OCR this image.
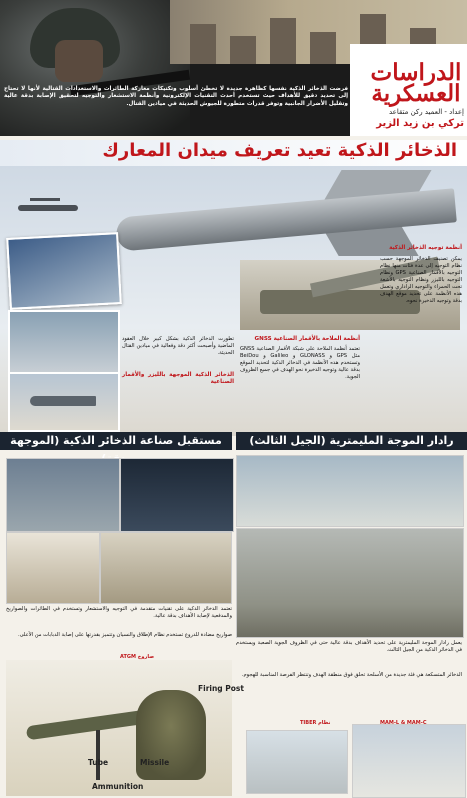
الدراسات العسكرية
إعداد - العميد ركن متقاعد
تركي بن زيد الزير
فرضت الذخائر الذكية نفسها كظاهرة جديدة لا تخطئ أسلوب وتكتيكات معاركة الطائرات والاستعدادات القتالية لأنها لا تحتاج إلى تحديد دقيق للأهداف حيث تستخدم أحدث التقنيات الإلكترونية وأنظمة الاستشعار والتوجيه لتحقيق الإصابة بدقة عالية وتقليل الأضرار الجانبية وتوفر قدرات متطورة للجيوش الحديثة في ميادين القتال.
الذخائر الذكية تعيد تعريف ميدان المعارك
أنظمة توجيه الذخائر الذكية
يمكن تصنيف الذخائر الموجهة حسب نظام التوجيه إلى عدة فئات منها نظام التوجيه بالأقمار الصناعية GPS ونظام التوجيه بالليزر ونظام التوجيه بالأشعة تحت الحمراء والتوجيه الراداري وتعمل هذه الأنظمة على تحديد موقع الهدف بدقة وتوجيه الذخيرة نحوه.
أنظمة الملاحة بالأقمار الصناعية GNSS
تعتمد أنظمة الملاحة على شبكة الأقمار الصناعية GNSS مثل GPS و GLONASS و Galileo و BeiDou وتستخدم هذه الأنظمة في الذخائر الذكية لتحديد الموقع بدقة عالية وتوجيه الذخيرة نحو الهدف في جميع الظروف الجوية.
تطورت الذخائر الذكية بشكل كبير خلال العقود الماضية وأصبحت أكثر دقة وفعالية في ميادين القتال الحديثة.
الذخائر الذكية الموجهة بالليزر والأقمار الصناعية
مستقبل صناعة الذخائر الذكية (الموجهة	رادار الموجة المليمترية (الجيل الثالث)
تعتمد الذخائر الذكية على تقنيات متقدمة في التوجيه والاستشعار وتستخدم في الطائرات والصواريخ والمدفعية لإصابة الأهداف بدقة عالية.
يعمل رادار الموجة المليمترية على تحديد الأهداف بدقة عالية حتى في الظروف الجوية الصعبة ويستخدم في الذخائر الذكية من الجيل الثالث.
صواريخ مضادة للدروع تستخدم نظام الإطلاق والنسيان وتتميز بقدرتها على إصابة الدبابات من الأعلى.
الذخائر المتسكعة هي فئة جديدة من الأسلحة تحلق فوق منطقة الهدف وتنتظر الفرصة المناسبة للهجوم.
MAM-L & MAM-C
نظام TIBER
صاروخ ATGM
Firing Post
Tube	Missile
Ammunition
